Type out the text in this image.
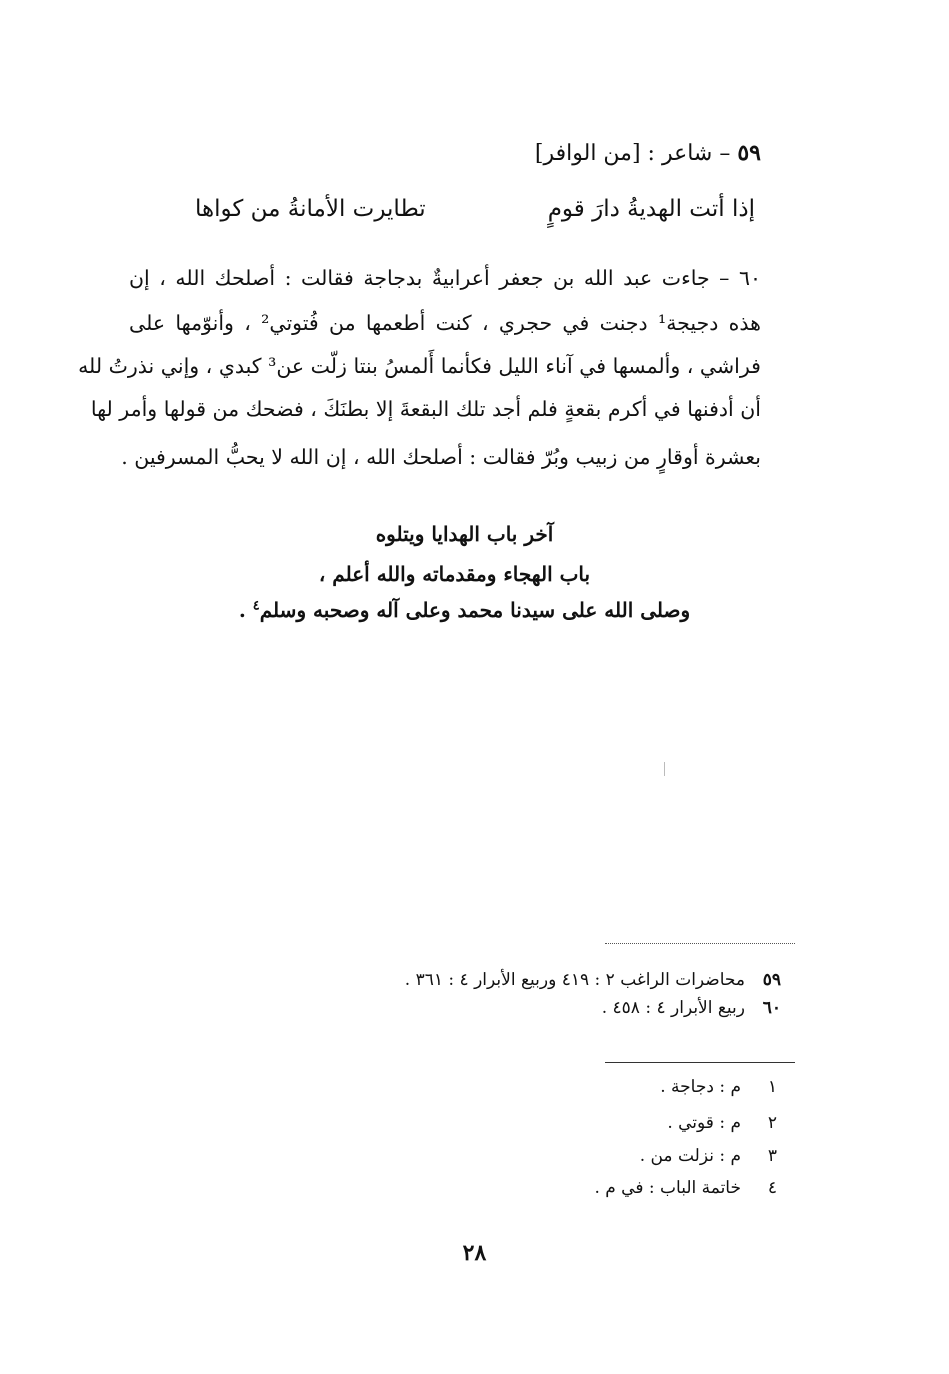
٥٩ – شاعر : [من الوافر]
إذا أتت الهديةُ دارَ قومٍ
تطايرت الأمانةُ من كواها
٦٠ – جاءت عبد الله بن جعفر أعرابيةٌ بدجاجة فقالت : أصلحك الله ، إن
هذه دجيجة¹ دجنت في حجري ، كنت أطعمها من فُتوتي² ، وأنوّمها على
فراشي ، وألمسها في آناء الليل فكأنما أَلمسُ بنتا زلّت عن³ كبدي ، وإني نذرتُ لله
أن أدفنها في أكرم بقعةٍ فلم أجد تلك البقعةَ إلا بطنَكَ ، فضحك من قولها وأمر لها
بعشرة أوقارٍ من زبيب وبُرّ فقالت : أصلحك الله ، إن الله لا يحبُّ المسرفين .
آخر باب الهدايا ويتلوه
باب الهجاء ومقدماته والله أعلم ،
وصلى الله على سيدنا محمد وعلى آله وصحبه وسلم$^٤$ .
٥٩محاضرات الراغب ٢ : ٤١٩ وربيع الأبرار ٤ : ٣٦١ .
٦٠ربيع الأبرار ٤ : ٤٥٨ .
١م : دجاجة .
٢م : قوتي .
٣م : نزلت من .
٤خاتمة الباب : في م .
٢٨
